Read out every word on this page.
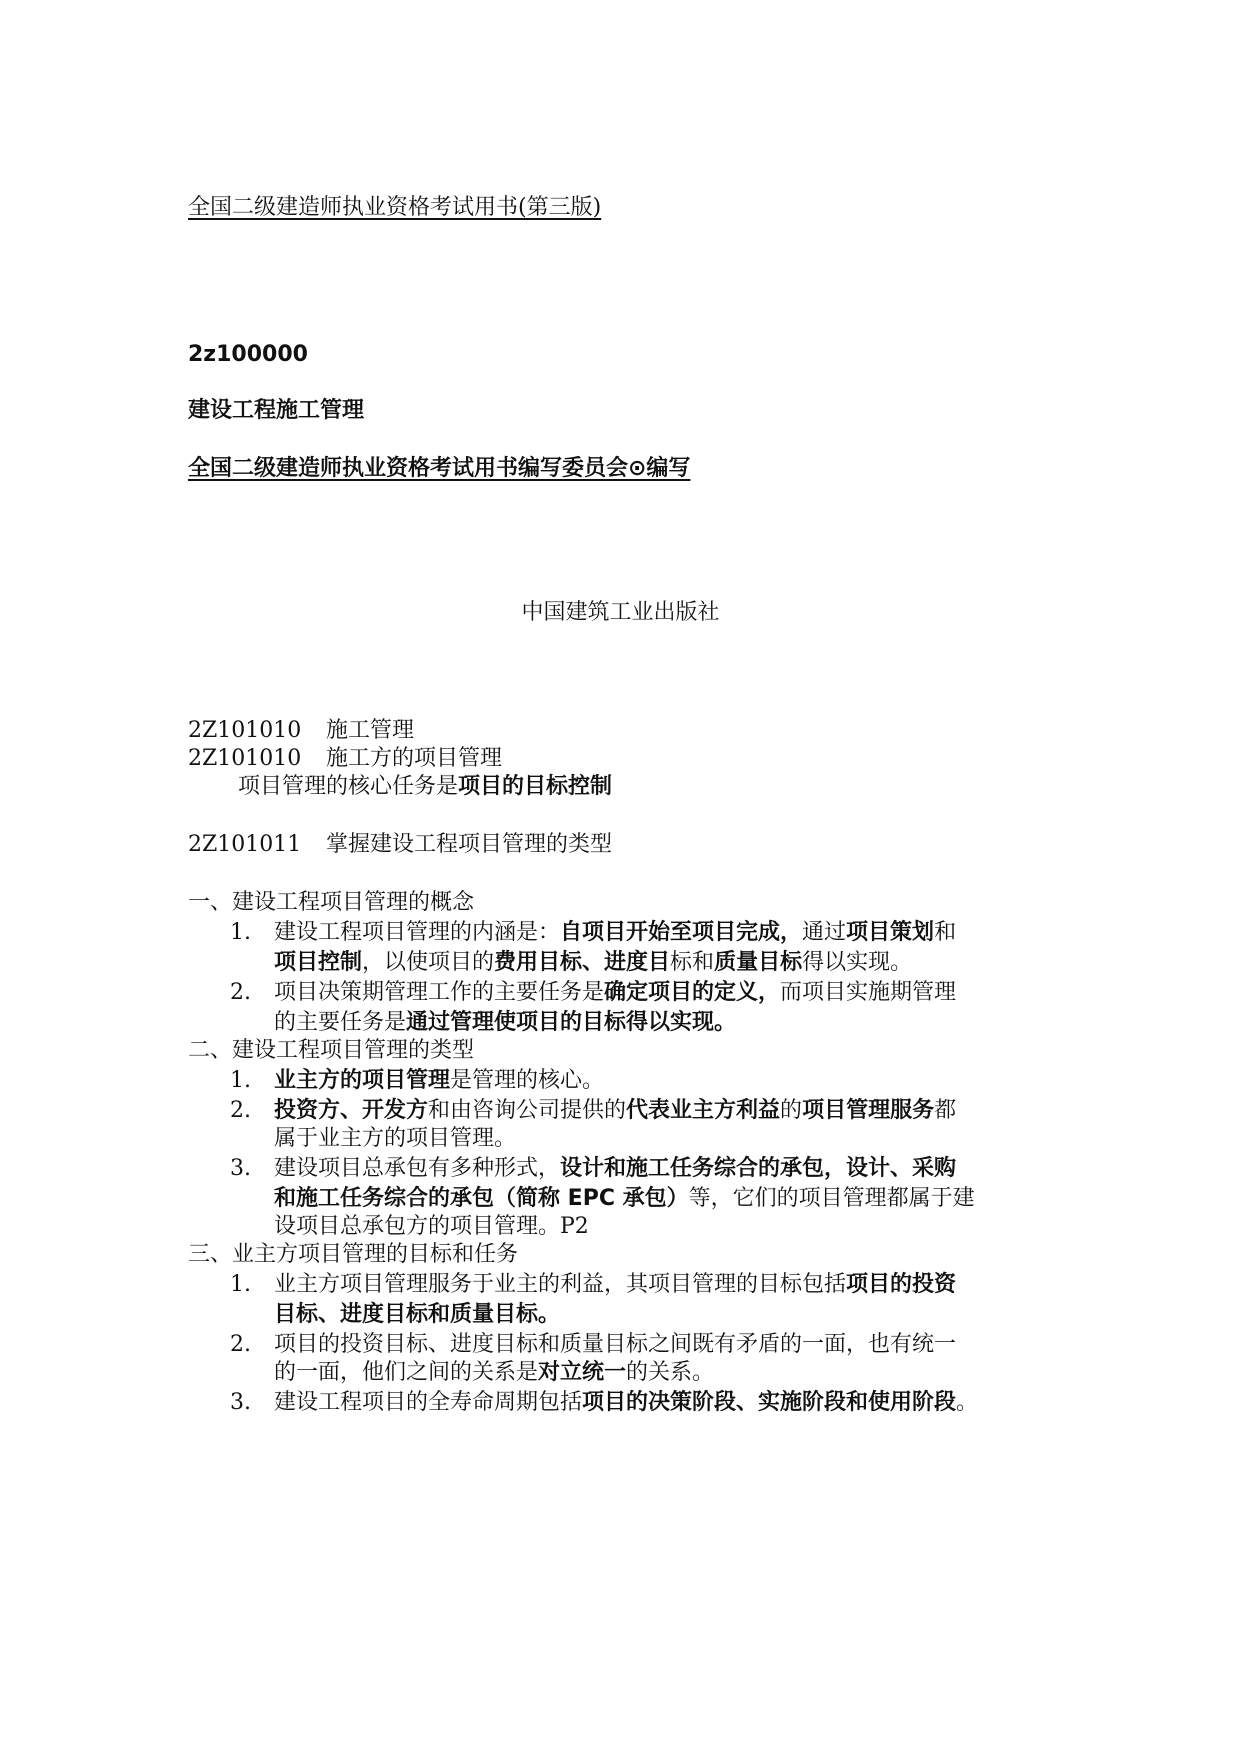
全国二级建造师执业资格考试用书(第三版)
2z100000
建设工程施工管理
全国二级建造师执业资格考试用书编写委员会⊙编写
中国建筑工业出版社
2Z101010 施工管理
2Z101010 施工方的项目管理
项目管理的核心任务是项目的目标控制
2Z101011 掌握建设工程项目管理的类型
一、建设工程项目管理的概念
1. 建设工程项目管理的内涵是：自项目开始至项目完成，通过项目策划和
项目控制，以使项目的费用目标、进度目标和质量目标得以实现。
2. 项目决策期管理工作的主要任务是确定项目的定义，而项目实施期管理
的主要任务是通过管理使项目的目标得以实现。
二、建设工程项目管理的类型
1. 业主方的项目管理是管理的核心。
2. 投资方、开发方和由咨询公司提供的代表业主方利益的项目管理服务都
属于业主方的项目管理。
3. 建设项目总承包有多种形式，设计和施工任务综合的承包，设计、采购
和施工任务综合的承包（简称 EPC 承包）等，它们的项目管理都属于建
设项目总承包方的项目管理。P2
三、业主方项目管理的目标和任务
1. 业主方项目管理服务于业主的利益，其项目管理的目标包括项目的投资
目标、进度目标和质量目标。
2. 项目的投资目标、进度目标和质量目标之间既有矛盾的一面，也有统一
的一面，他们之间的关系是对立统一的关系。
3. 建设工程项目的全寿命周期包括项目的决策阶段、实施阶段和使用阶段。
